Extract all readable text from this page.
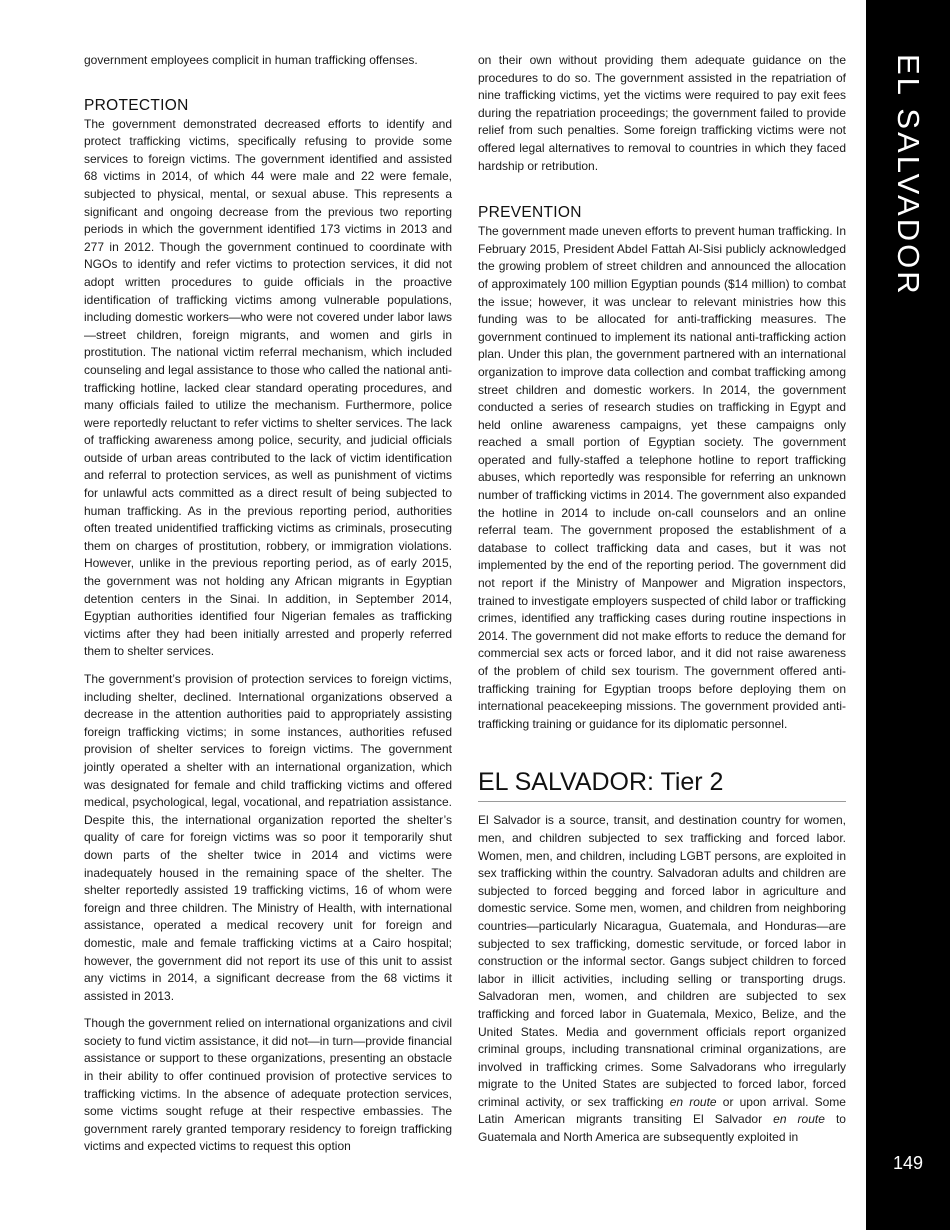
government employees complicit in human trafficking offenses.

PROTECTION

The government demonstrated decreased efforts to identify and protect trafficking victims, specifically refusing to provide some services to foreign victims. The government identified and assisted 68 victims in 2014, of which 44 were male and 22 were female, subjected to physical, mental, or sexual abuse. This represents a significant and ongoing decrease from the previous two reporting periods in which the government identified 173 victims in 2013 and 277 in 2012. Though the government continued to coordinate with NGOs to identify and refer victims to protection services, it did not adopt written procedures to guide officials in the proactive identification of trafficking victims among vulnerable populations, including domestic workers—who were not covered under labor laws—street children, foreign migrants, and women and girls in prostitution. The national victim referral mechanism, which included counseling and legal assistance to those who called the national anti-trafficking hotline, lacked clear standard operating procedures, and many officials failed to utilize the mechanism. Furthermore, police were reportedly reluctant to refer victims to shelter services. The lack of trafficking awareness among police, security, and judicial officials outside of urban areas contributed to the lack of victim identification and referral to protection services, as well as punishment of victims for unlawful acts committed as a direct result of being subjected to human trafficking. As in the previous reporting period, authorities often treated unidentified trafficking victims as criminals, prosecuting them on charges of prostitution, robbery, or immigration violations. However, unlike in the previous reporting period, as of early 2015, the government was not holding any African migrants in Egyptian detention centers in the Sinai. In addition, in September 2014, Egyptian authorities identified four Nigerian females as trafficking victims after they had been initially arrested and properly referred them to shelter services.

The government’s provision of protection services to foreign victims, including shelter, declined. International organizations observed a decrease in the attention authorities paid to appropriately assisting foreign trafficking victims; in some instances, authorities refused provision of shelter services to foreign victims. The government jointly operated a shelter with an international organization, which was designated for female and child trafficking victims and offered medical, psychological, legal, vocational, and repatriation assistance. Despite this, the international organization reported the shelter’s quality of care for foreign victims was so poor it temporarily shut down parts of the shelter twice in 2014 and victims were inadequately housed in the remaining space of the shelter. The shelter reportedly assisted 19 trafficking victims, 16 of whom were foreign and three children. The Ministry of Health, with international assistance, operated a medical recovery unit for foreign and domestic, male and female trafficking victims at a Cairo hospital; however, the government did not report its use of this unit to assist any victims in 2014, a significant decrease from the 68 victims it assisted in 2013.

Though the government relied on international organizations and civil society to fund victim assistance, it did not—in turn—provide financial assistance or support to these organizations, presenting an obstacle in their ability to offer continued provision of protective services to trafficking victims. In the absence of adequate protection services, some victims sought refuge at their respective embassies. The government rarely granted temporary residency to foreign trafficking victims and expected victims to request this option

on their own without providing them adequate guidance on the procedures to do so. The government assisted in the repatriation of nine trafficking victims, yet the victims were required to pay exit fees during the repatriation proceedings; the government failed to provide relief from such penalties. Some foreign trafficking victims were not offered legal alternatives to removal to countries in which they faced hardship or retribution.

PREVENTION

The government made uneven efforts to prevent human trafficking. In February 2015, President Abdel Fattah Al-Sisi publicly acknowledged the growing problem of street children and announced the allocation of approximately 100 million Egyptian pounds ($14 million) to combat the issue; however, it was unclear to relevant ministries how this funding was to be allocated for anti-trafficking measures. The government continued to implement its national anti-trafficking action plan. Under this plan, the government partnered with an international organization to improve data collection and combat trafficking among street children and domestic workers. In 2014, the government conducted a series of research studies on trafficking in Egypt and held online awareness campaigns, yet these campaigns only reached a small portion of Egyptian society. The government operated and fully-staffed a telephone hotline to report trafficking abuses, which reportedly was responsible for referring an unknown number of trafficking victims in 2014. The government also expanded the hotline in 2014 to include on-call counselors and an online referral team. The government proposed the establishment of a database to collect trafficking data and cases, but it was not implemented by the end of the reporting period. The government did not report if the Ministry of Manpower and Migration inspectors, trained to investigate employers suspected of child labor or trafficking crimes, identified any trafficking cases during routine inspections in 2014. The government did not make efforts to reduce the demand for commercial sex acts or forced labor, and it did not raise awareness of the problem of child sex tourism. The government offered anti-trafficking training for Egyptian troops before deploying them on international peacekeeping missions. The government provided anti-trafficking training or guidance for its diplomatic personnel.

EL SALVADOR: Tier 2

El Salvador is a source, transit, and destination country for women, men, and children subjected to sex trafficking and forced labor. Women, men, and children, including LGBT persons, are exploited in sex trafficking within the country. Salvadoran adults and children are subjected to forced begging and forced labor in agriculture and domestic service. Some men, women, and children from neighboring countries—particularly Nicaragua, Guatemala, and Honduras—are subjected to sex trafficking, domestic servitude, or forced labor in construction or the informal sector. Gangs subject children to forced labor in illicit activities, including selling or transporting drugs. Salvadoran men, women, and children are subjected to sex trafficking and forced labor in Guatemala, Mexico, Belize, and the United States. Media and government officials report organized criminal groups, including transnational criminal organizations, are involved in trafficking crimes. Some Salvadorans who irregularly migrate to the United States are subjected to forced labor, forced criminal activity, or sex trafficking en route or upon arrival. Some Latin American migrants transiting El Salvador en route to Guatemala and North America are subsequently exploited in

EL SALVADOR
149
